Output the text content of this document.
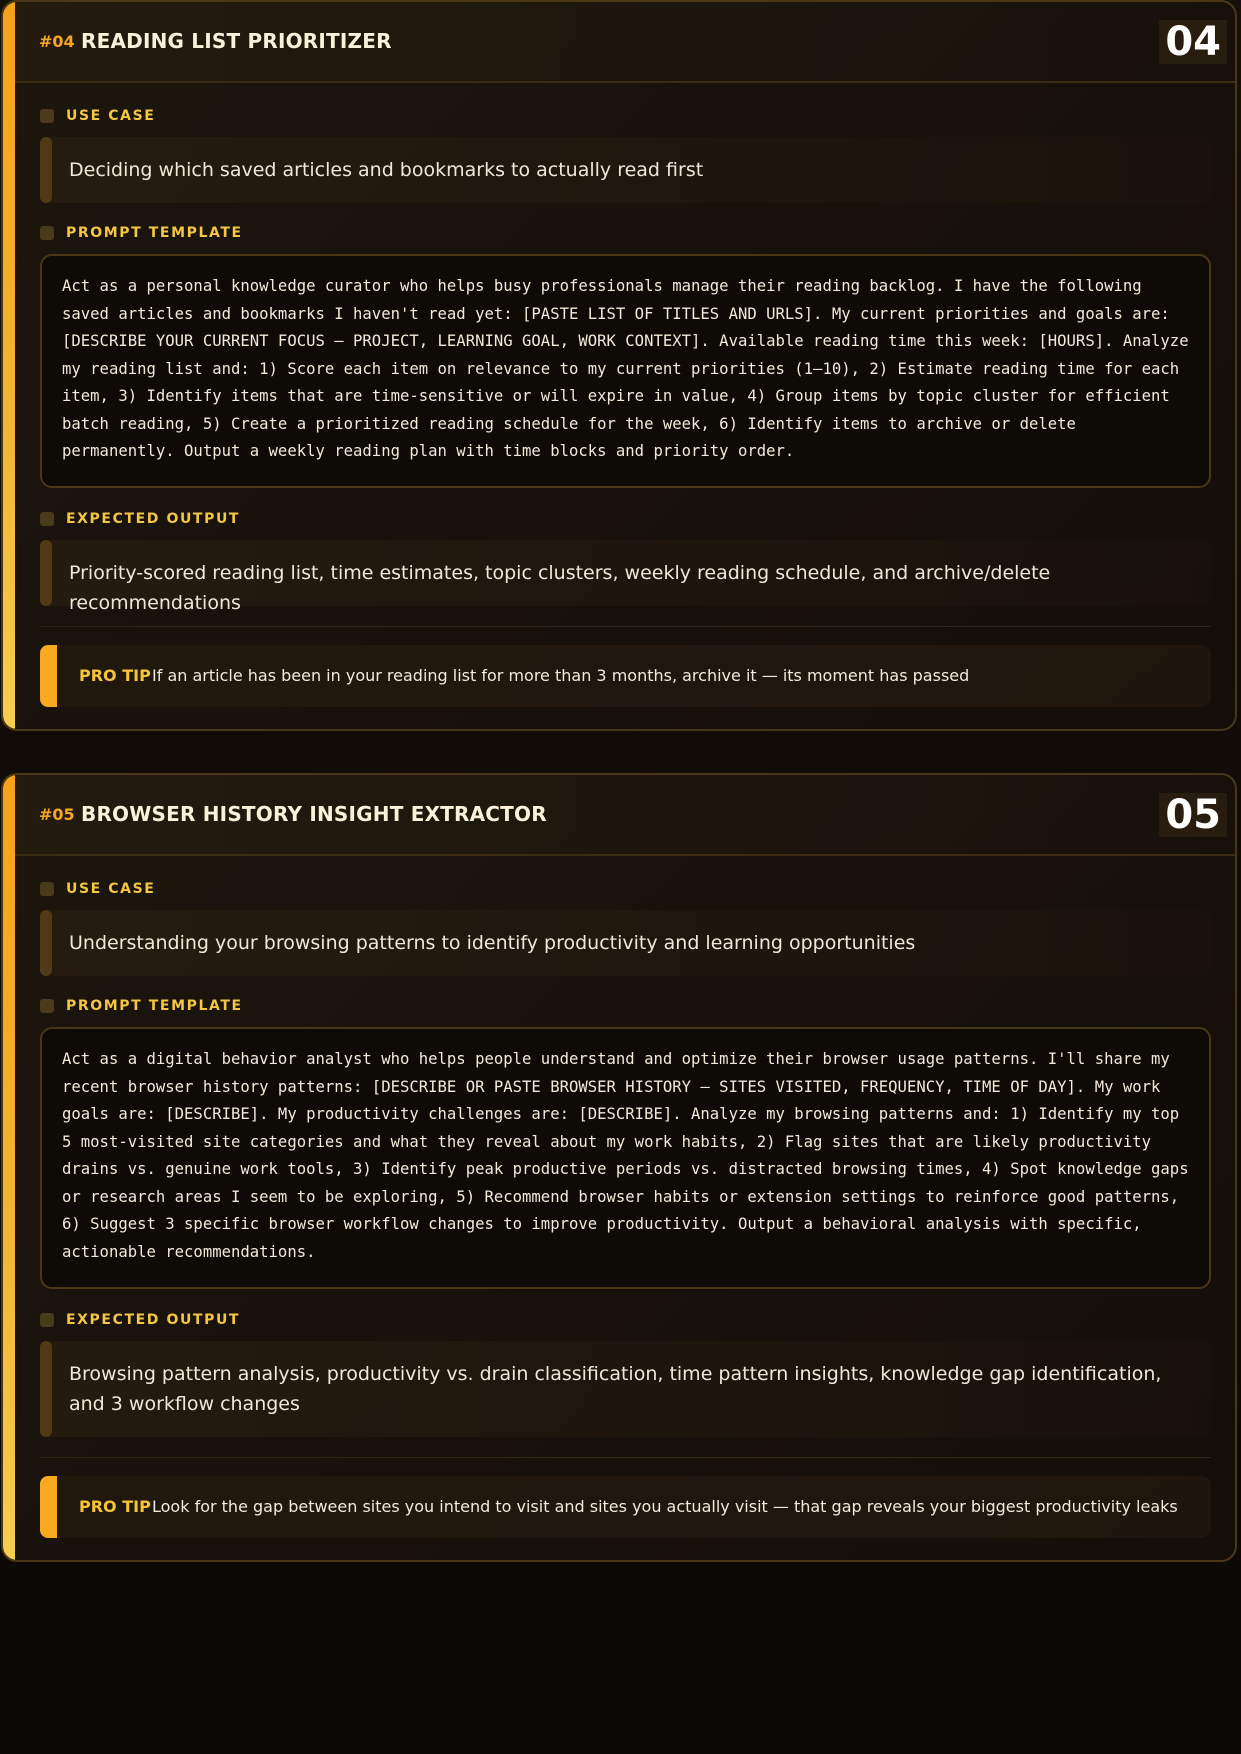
#04 READING LIST PRIORITIZER	04
USE CASE
Deciding which saved articles and bookmarks to actually read first
PROMPT TEMPLATE
Act as a personal knowledge curator who helps busy professionals manage their reading backlog. I have the following saved articles and bookmarks I haven't read yet: [PASTE LIST OF TITLES AND URLS]. My current priorities and goals are: [DESCRIBE YOUR CURRENT FOCUS — PROJECT, LEARNING GOAL, WORK CONTEXT]. Available reading time this week: [HOURS]. Analyze my reading list and: 1) Score each item on relevance to my current priorities (1–10), 2) Estimate reading time for each item, 3) Identify items that are time-sensitive or will expire in value, 4) Group items by topic cluster for efficient batch reading, 5) Create a prioritized reading schedule for the week, 6) Identify items to archive or delete permanently. Output a weekly reading plan with time blocks and priority order.
EXPECTED OUTPUT
Priority-scored reading list, time estimates, topic clusters, weekly reading schedule, and archive/delete recommendations
PRO TIP If an article has been in your reading list for more than 3 months, archive it — its moment has passed
#05 BROWSER HISTORY INSIGHT EXTRACTOR	05
USE CASE
Understanding your browsing patterns to identify productivity and learning opportunities
PROMPT TEMPLATE
Act as a digital behavior analyst who helps people understand and optimize their browser usage patterns. I'll share my recent browser history patterns: [DESCRIBE OR PASTE BROWSER HISTORY — SITES VISITED, FREQUENCY, TIME OF DAY]. My work goals are: [DESCRIBE]. My productivity challenges are: [DESCRIBE]. Analyze my browsing patterns and: 1) Identify my top 5 most-visited site categories and what they reveal about my work habits, 2) Flag sites that are likely productivity drains vs. genuine work tools, 3) Identify peak productive periods vs. distracted browsing times, 4) Spot knowledge gaps or research areas I seem to be exploring, 5) Recommend browser habits or extension settings to reinforce good patterns, 6) Suggest 3 specific browser workflow changes to improve productivity. Output a behavioral analysis with specific, actionable recommendations.
EXPECTED OUTPUT
Browsing pattern analysis, productivity vs. drain classification, time pattern insights, knowledge gap identification, and 3 workflow changes
PRO TIP Look for the gap between sites you intend to visit and sites you actually visit — that gap reveals your biggest productivity leaks
